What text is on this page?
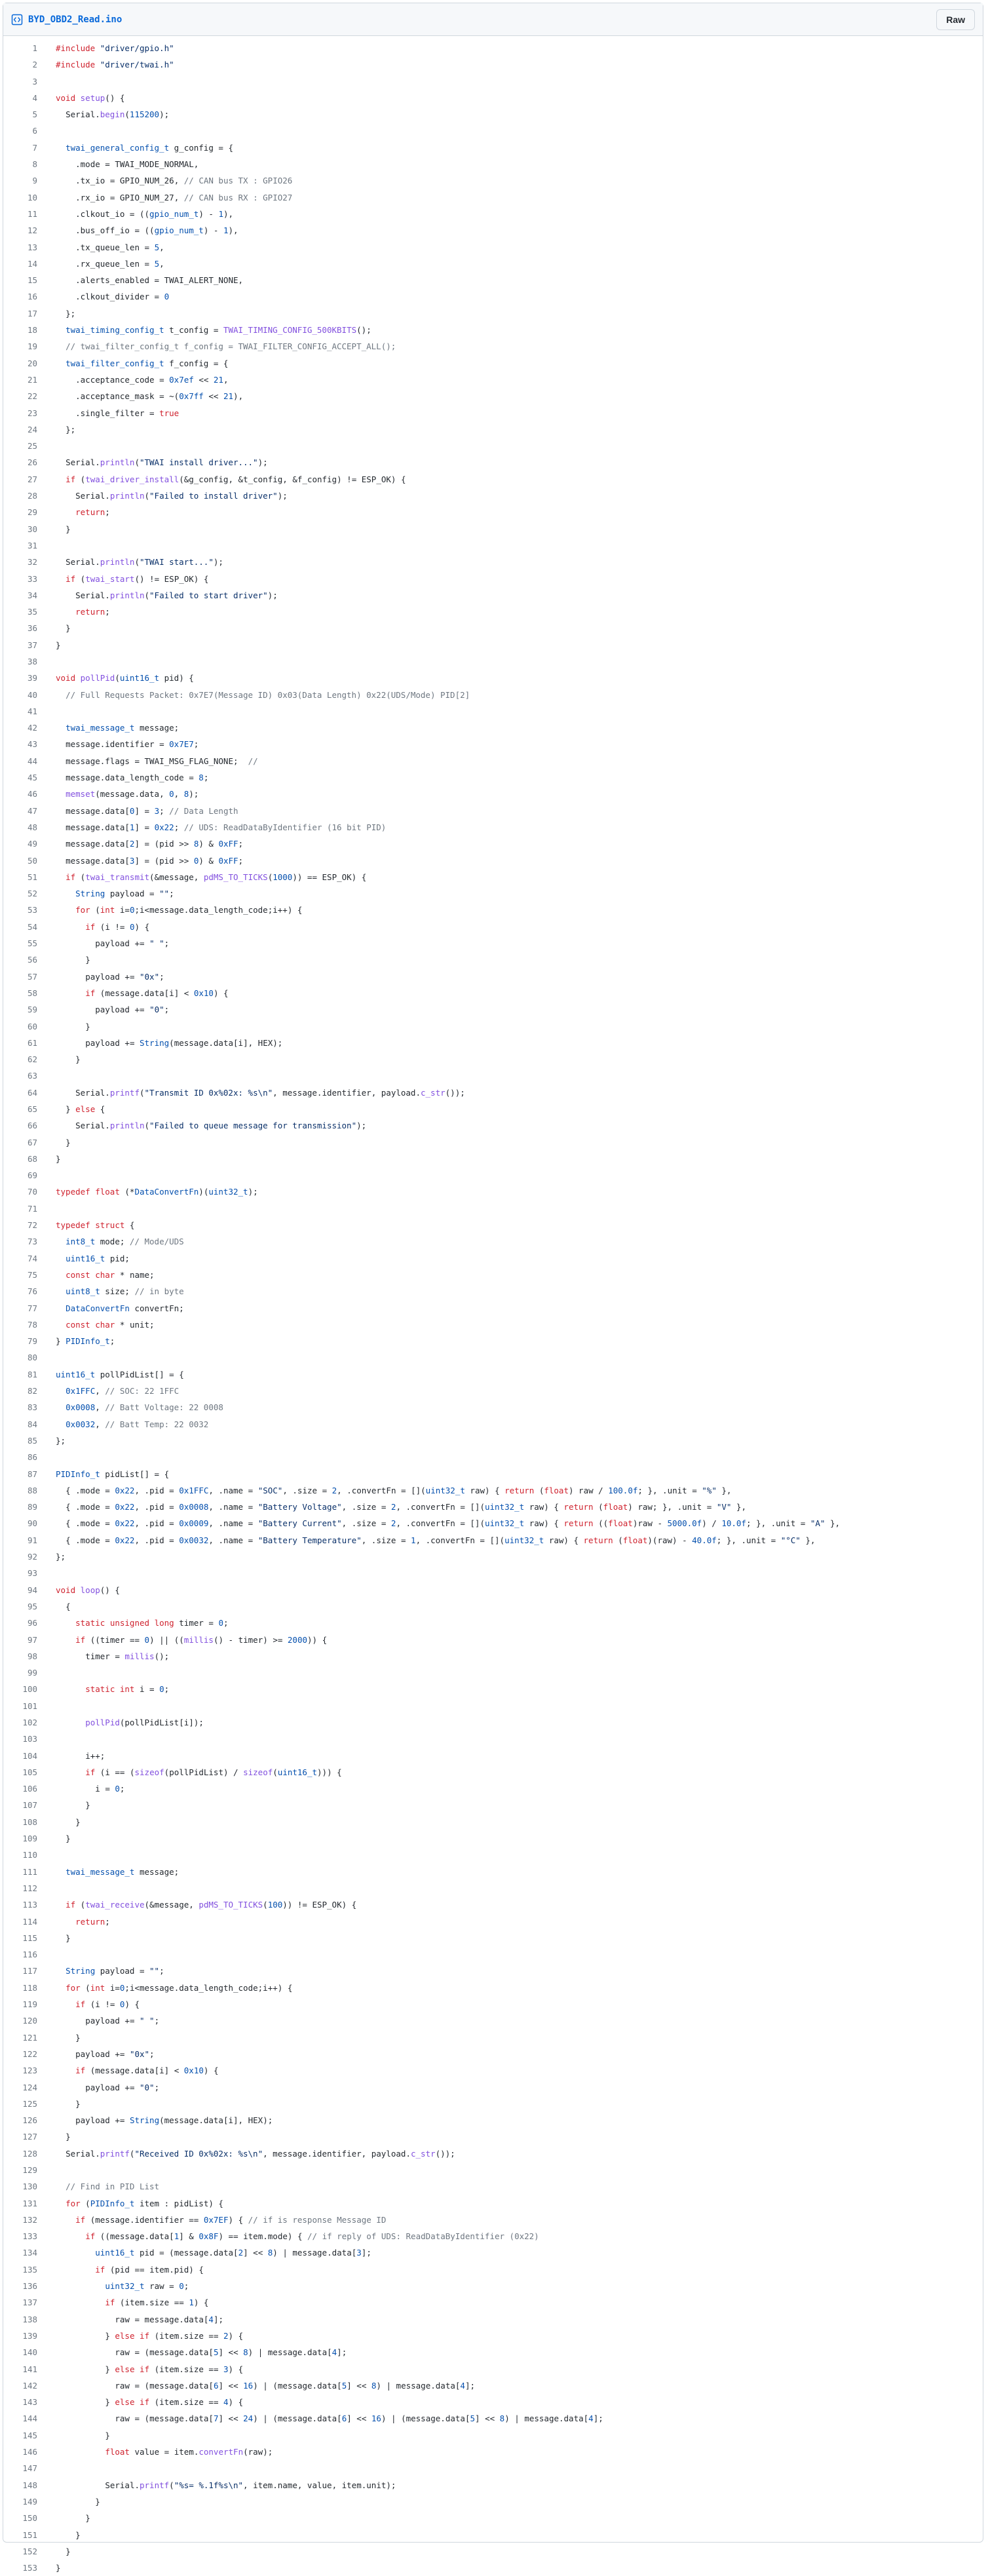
BYD_OBD2_Read.ino	Raw
1	#include "driver/gpio.h"
2	#include "driver/twai.h"
3	
4	void setup() {
5	Serial.begin(115200);
6	
7	twai_general_config_t g_config = {
8	.mode = TWAI_MODE_NORMAL,
9	.tx_io = GPIO_NUM_26, // CAN bus TX : GPIO26
10	.rx_io = GPIO_NUM_27, // CAN bus RX : GPIO27
11	.clkout_io = ((gpio_num_t) - 1),
12	.bus_off_io = ((gpio_num_t) - 1),
13	.tx_queue_len = 5,
14	.rx_queue_len = 5,
15	.alerts_enabled = TWAI_ALERT_NONE,
16	.clkout_divider = 0
17	};
18	twai_timing_config_t t_config = TWAI_TIMING_CONFIG_500KBITS();
19	// twai_filter_config_t f_config = TWAI_FILTER_CONFIG_ACCEPT_ALL();
20	twai_filter_config_t f_config = {
21	.acceptance_code = 0x7ef << 21,
22	.acceptance_mask = ~(0x7ff << 21),
23	.single_filter = true
24	};
25	
26	Serial.println("TWAI install driver...");
27	if (twai_driver_install(&g_config, &t_config, &f_config) != ESP_OK) {
28	Serial.println("Failed to install driver");
29	return;
30	}
31	
32	Serial.println("TWAI start...");
33	if (twai_start() != ESP_OK) {
34	Serial.println("Failed to start driver");
35	return;
36	}
37	}
38	
39	void pollPid(uint16_t pid) {
40	// Full Requests Packet: 0x7E7(Message ID) 0x03(Data Length) 0x22(UDS/Mode) PID[2]
41	
42	twai_message_t message;
43	message.identifier = 0x7E7;
44	message.flags = TWAI_MSG_FLAG_NONE; //
45	message.data_length_code = 8;
46	memset(message.data, 0, 8);
47	message.data[0] = 3; // Data Length
48	message.data[1] = 0x22; // UDS: ReadDataByIdentifier (16 bit PID)
49	message.data[2] = (pid >> 8) & 0xFF;
50	message.data[3] = (pid >> 0) & 0xFF;
51	if (twai_transmit(&message, pdMS_TO_TICKS(1000)) == ESP_OK) {
52	String payload = "";
53	for (int i=0;i<message.data_length_code;i++) {
54	if (i != 0) {
55	payload += " ";
56	}
57	payload += "0x";
58	if (message.data[i] < 0x10) {
59	payload += "0";
60	}
61	payload += String(message.data[i], HEX);
62	}
63	
64	Serial.printf("Transmit ID 0x%02x: %s\n", message.identifier, payload.c_str());
65	} else {
66	Serial.println("Failed to queue message for transmission");
67	}
68	}
69	
70	typedef float (*DataConvertFn)(uint32_t);
71	
72	typedef struct {
73	int8_t mode; // Mode/UDS
74	uint16_t pid;
75	const char * name;
76	uint8_t size; // in byte
77	DataConvertFn convertFn;
78	const char * unit;
79	} PIDInfo_t;
80	
81	uint16_t pollPidList[] = {
82	0x1FFC, // SOC: 22 1FFC
83	0x0008, // Batt Voltage: 22 0008
84	0x0032, // Batt Temp: 22 0032
85	};
86	
87	PIDInfo_t pidList[] = {
88	{ .mode = 0x22, .pid = 0x1FFC, .name = "SOC", .size = 2, .convertFn = [](uint32_t raw) { return (float) raw / 100.0f; }, .unit = "%" },
89	{ .mode = 0x22, .pid = 0x0008, .name = "Battery Voltage", .size = 2, .convertFn = [](uint32_t raw) { return (float) raw; }, .unit = "V" },
90	{ .mode = 0x22, .pid = 0x0009, .name = "Battery Current", .size = 2, .convertFn = [](uint32_t raw) { return ((float)raw - 5000.0f) / 10.0f; }, .unit = "A" },
91	{ .mode = 0x22, .pid = 0x0032, .name = "Battery Temperature", .size = 1, .convertFn = [](uint32_t raw) { return (float)(raw) - 40.0f; }, .unit = "°C" },
92	};
93	
94	void loop() {
95	{
96	static unsigned long timer = 0;
97	if ((timer == 0) || ((millis() - timer) >= 2000)) {
98	timer = millis();
99	
100	static int i = 0;
101	
102	pollPid(pollPidList[i]);
103	
104	i++;
105	if (i == (sizeof(pollPidList) / sizeof(uint16_t))) {
106	i = 0;
107	}
108	}
109	}
110	
111	twai_message_t message;
112	
113	if (twai_receive(&message, pdMS_TO_TICKS(100)) != ESP_OK) {
114	return;
115	}
116	
117	String payload = "";
118	for (int i=0;i<message.data_length_code;i++) {
119	if (i != 0) {
120	payload += " ";
121	}
122	payload += "0x";
123	if (message.data[i] < 0x10) {
124	payload += "0";
125	}
126	payload += String(message.data[i], HEX);
127	}
128	Serial.printf("Received ID 0x%02x: %s\n", message.identifier, payload.c_str());
129	
130	// Find in PID List
131	for (PIDInfo_t item : pidList) {
132	if (message.identifier == 0x7EF) { // if is response Message ID
133	if ((message.data[1] & 0x8F) == item.mode) { // if reply of UDS: ReadDataByIdentifier (0x22)
134	uint16_t pid = (message.data[2] << 8) | message.data[3];
135	if (pid == item.pid) {
136	uint32_t raw = 0;
137	if (item.size == 1) {
138	raw = message.data[4];
139	} else if (item.size == 2) {
140	raw = (message.data[5] << 8) | message.data[4];
141	} else if (item.size == 3) {
142	raw = (message.data[6] << 16) | (message.data[5] << 8) | message.data[4];
143	} else if (item.size == 4) {
144	raw = (message.data[7] << 24) | (message.data[6] << 16) | (message.data[5] << 8) | message.data[4];
145	}
146	float value = item.convertFn(raw);
147	
148	Serial.printf("%s= %.1f%s\n", item.name, value, item.unit);
149	}
150	}
151	}
152	}
153	}
